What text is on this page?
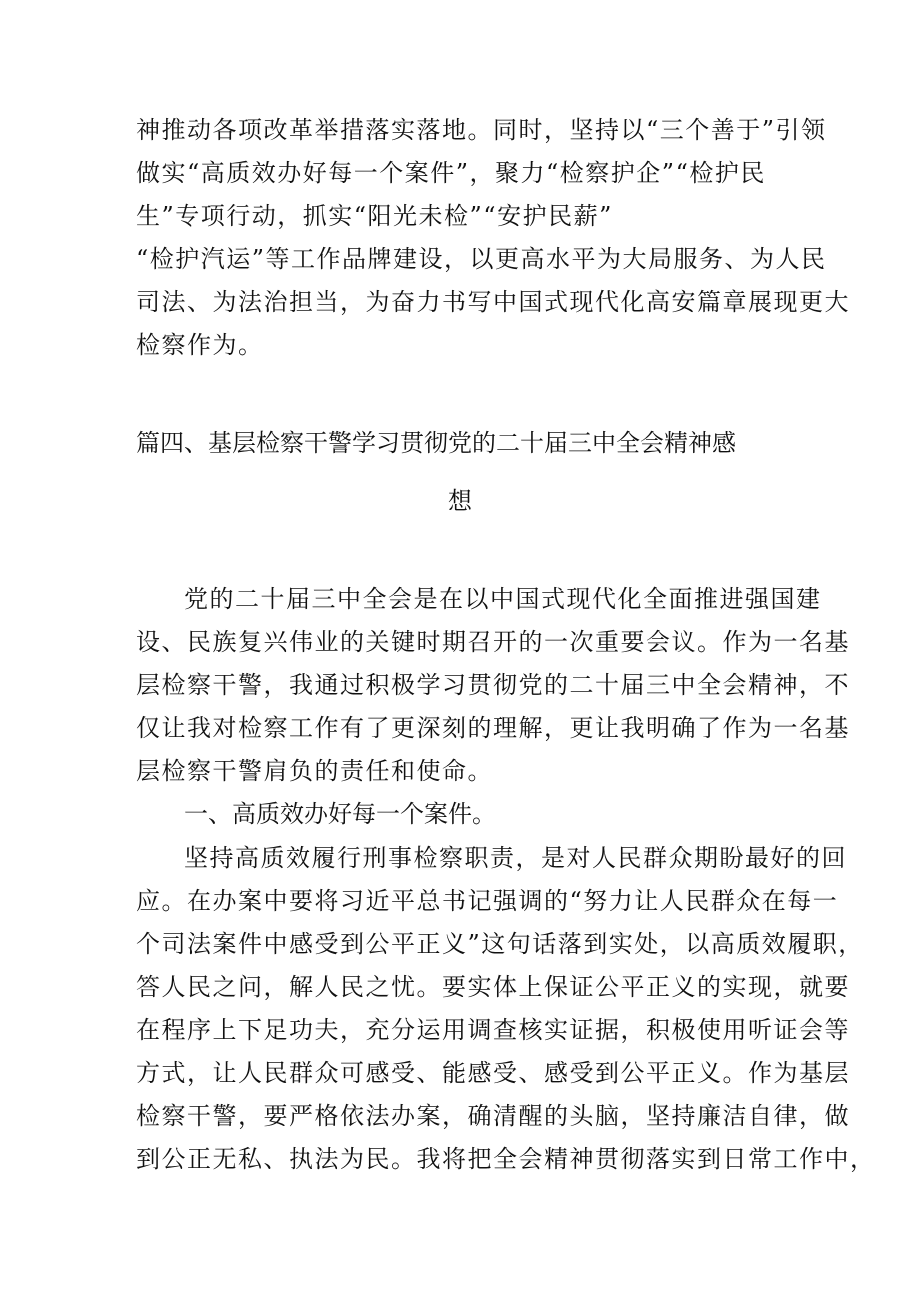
神推动各项改革举措落实落地。同时，坚持以“三个善于”引领
做实“高质效办好每一个案件”，聚力“检察护企”“检护民
生”专项行动，抓实“阳光未检”“安护民薪”
“检护汽运”等工作品牌建设，以更高水平为大局服务、为人民
司法、为法治担当，为奋力书写中国式现代化高安篇章展现更大
检察作为。
篇四、基层检察干警学习贯彻党的二十届三中全会精神感
想
党的二十届三中全会是在以中国式现代化全面推进强国建
设、民族复兴伟业的关键时期召开的一次重要会议。作为一名基
层检察干警，我通过积极学习贯彻党的二十届三中全会精神，不
仅让我对检察工作有了更深刻的理解，更让我明确了作为一名基
层检察干警肩负的责任和使命。
一、高质效办好每一个案件。
坚持高质效履行刑事检察职责，是对人民群众期盼最好的回
应。在办案中要将习近平总书记强调的“努力让人民群众在每一
个司法案件中感受到公平正义”这句话落到实处，以高质效履职，
答人民之问，解人民之忧。要实体上保证公平正义的实现，就要
在程序上下足功夫，充分运用调查核实证据，积极使用听证会等
方式，让人民群众可感受、能感受、感受到公平正义。作为基层
检察干警，要严格依法办案，确清醒的头脑，坚持廉洁自律，做
到公正无私、执法为民。我将把全会精神贯彻落实到日常工作中，
